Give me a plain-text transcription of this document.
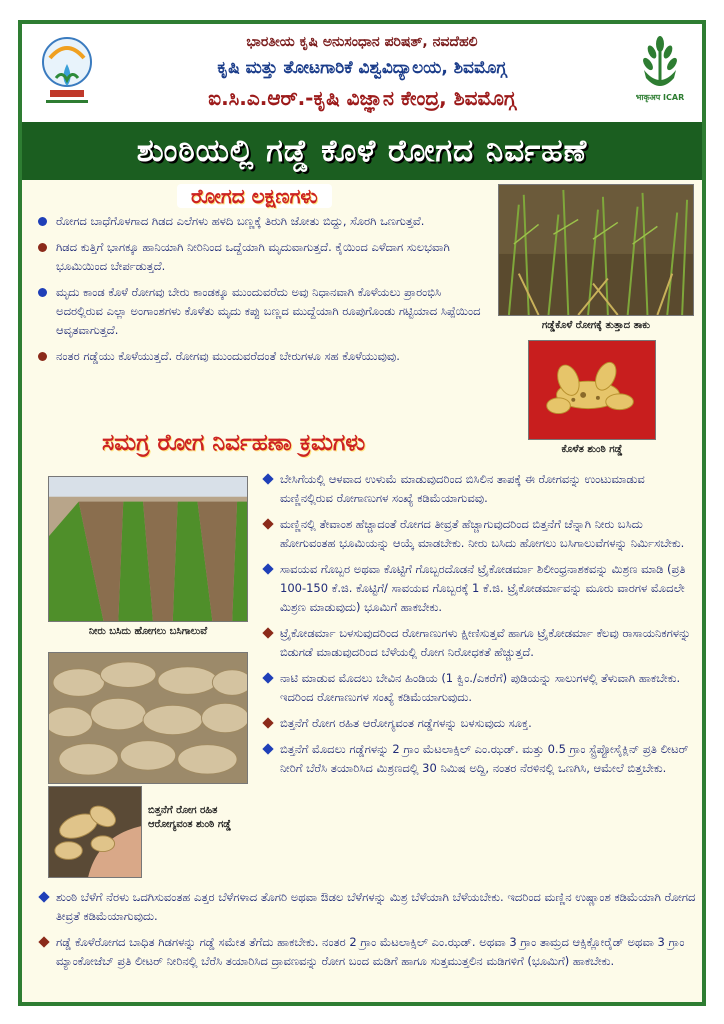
ಭಾರತೀಯ ಕೃಷಿ ಅನುಸಂಧಾನ ಪರಿಷತ್, ನವದೆಹಲಿ
ಕೃಷಿ ಮತ್ತು ತೋಟಗಾರಿಕೆ ವಿಶ್ವವಿದ್ಯಾಲಯ, ಶಿವಮೊಗ್ಗ
ಐ.ಸಿ.ಎ.ಆರ್.-ಕೃಷಿ ವಿಜ್ಞಾನ ಕೇಂದ್ರ, ಶಿವಮೊಗ್ಗ	भाकृअप ICAR
ಶುಂಠಿಯಲ್ಲಿ ಗಡ್ಡೆ ಕೊಳೆ ರೋಗದ ನಿರ್ವಹಣೆ
ರೋಗದ ಲಕ್ಷಣಗಳು
ರೋಗದ ಬಾಧೆಗೊಳಗಾದ ಗಿಡದ ಎಲೆಗಳು ಹಳದಿ ಬಣ್ಣಕ್ಕೆ ತಿರುಗಿ ಜೋತು ಬಿದ್ದು, ಸೊರಗಿ ಒಣಗುತ್ತವೆ.
ಗಿಡದ ಕುತ್ತಿಗೆ ಭಾಗಕ್ಕೂ ಹಾನಿಯಾಗಿ ನೀರಿನಿಂದ ಒದ್ದೆಯಾಗಿ ಮೃದುವಾಗುತ್ತದೆ. ಕೈಯಿಂದ ಎಳೆದಾಗ ಸುಲಭವಾಗಿ ಭೂಮಿಯಿಂದ ಬೇರ್ಪಡುತ್ತದೆ.
ಮೃದು ಕಾಂಡ ಕೊಳೆ ರೋಗವು ಬೇರು ಕಾಂಡಕ್ಕೂ ಮುಂದುವರೆದು ಅವು ನಿಧಾನವಾಗಿ ಕೊಳೆಯಲು ಪ್ರಾರಂಭಿಸಿ ಅದರಲ್ಲಿರುವ ಎಲ್ಲಾ ಅಂಗಾಂಶಗಳು ಕೊಳೆತು ಮೃದು ಕಪ್ಪು ಬಣ್ಣದ ಮುದ್ದೆಯಾಗಿ ರೂಪುಗೊಂಡು ಗಟ್ಟಿಯಾದ ಸಿಪ್ಪೆಯಿಂದ ಆವೃತವಾಗುತ್ತದೆ.
ನಂತರ ಗಡ್ಡೆಯು ಕೊಳೆಯುತ್ತದೆ. ರೋಗವು ಮುಂದುವರೆದಂತೆ ಬೇರುಗಳೂ ಸಹ ಕೊಳೆಯುವುವು.
ಗಡ್ಡೆಕೊಳೆ ರೋಗಕ್ಕೆ ತುತ್ತಾದ ತಾಕು
ಕೊಳೆತ ಶುಂಠಿ ಗಡ್ಡೆ
ಸಮಗ್ರ ರೋಗ ನಿರ್ವಹಣಾ ಕ್ರಮಗಳು
ನೀರು ಬಸಿದು ಹೋಗಲು ಬಸಿಗಾಲುವೆ
ಬಿತ್ತನೆಗೆ ರೋಗ ರಹಿತ ಆರೋಗ್ಯವಂತ ಶುಂಠಿ ಗಡ್ಡೆ
ಬೇಸಿಗೆಯಲ್ಲಿ ಆಳವಾದ ಉಳುಮೆ ಮಾಡುವುದರಿಂದ ಬಿಸಿಲಿನ ತಾಪಕ್ಕೆ ಈ ರೋಗವನ್ನು ಉಂಟುಮಾಡುವ ಮಣ್ಣಿನಲ್ಲಿರುವ ರೋಗಾಣುಗಳ ಸಂಖ್ಯೆ ಕಡಿಮೆಯಾಗುವವು.
ಮಣ್ಣಿನಲ್ಲಿ ತೇವಾಂಶ ಹೆಚ್ಚಾದಂತೆ ರೋಗದ ತೀವ್ರತೆ ಹೆಚ್ಚಾಗುವುದರಿಂದ ಬಿತ್ತನೆಗೆ ಚೆನ್ನಾಗಿ ನೀರು ಬಸಿದು ಹೋಗುವಂತಹ ಭೂಮಿಯನ್ನು ಆಯ್ಕೆ ಮಾಡಬೇಕು. ನೀರು ಬಸಿದು ಹೋಗಲು ಬಸಿಗಾಲುವೆಗಳನ್ನು ನಿರ್ಮಿಸಬೇಕು.
ಸಾವಯವ ಗೊಬ್ಬರ ಅಥವಾ ಕೊಟ್ಟಿಗೆ ಗೊಬ್ಬರದೊಡನೆ ಟ್ರೈಕೋಡರ್ಮಾ ಶಿಲೀಂಧ್ರನಾಶಕವನ್ನು ಮಿಶ್ರಣ ಮಾಡಿ (ಪ್ರತಿ 100-150 ಕೆ.ಜಿ. ಕೊಟ್ಟಿಗೆ/ ಸಾವಯವ ಗೊಬ್ಬರಕ್ಕೆ 1 ಕೆ.ಜಿ. ಟ್ರೈಕೋಡರ್ಮಾವನ್ನು ಮೂರು ವಾರಗಳ ಮೊದಲೇ ಮಿಶ್ರಣ ಮಾಡುವುದು) ಭೂಮಿಗೆ ಹಾಕಬೇಕು.
ಟ್ರೈಕೋಡರ್ಮಾ ಬಳಸುವುದರಿಂದ ರೋಗಾಣುಗಳು ಕ್ಷೀಣಿಸುತ್ತವೆ ಹಾಗೂ ಟ್ರೈಕೋಡರ್ಮಾ ಕೆಲವು ರಾಸಾಯನಿಕಗಳನ್ನು ಬಿಡುಗಡೆ ಮಾಡುವುದರಿಂದ ಬೆಳೆಯಲ್ಲಿ ರೋಗ ನಿರೋಧಕತೆ ಹೆಚ್ಚುತ್ತದೆ.
ನಾಟಿ ಮಾಡುವ ಮೊದಲು ಬೇವಿನ ಹಿಂಡಿಯ (1 ಕ್ವಿಂ./ಎಕರೆಗೆ) ಪುಡಿಯನ್ನು ಸಾಲುಗಳಲ್ಲಿ ತೆಳುವಾಗಿ ಹಾಕಬೇಕು. ಇದರಿಂದ ರೋಗಾಣುಗಳ ಸಂಖ್ಯೆ ಕಡಿಮೆಯಾಗುವುದು.
ಬಿತ್ತನೆಗೆ ರೋಗ ರಹಿತ ಆರೋಗ್ಯವಂತ ಗಡ್ಡೆಗಳನ್ನು ಬಳಸುವುದು ಸೂಕ್ತ.
ಬಿತ್ತನೆಗೆ ಮೊದಲು ಗಡ್ಡೆಗಳನ್ನು 2 ಗ್ರಾಂ ಮೆಟಲಾಕ್ಸಿಲ್ ಎಂ.ಝಡ್. ಮತ್ತು 0.5 ಗ್ರಾಂ ಸ್ಟ್ರೆಪ್ಟೋಸೈಕ್ಲಿನ್ ಪ್ರತಿ ಲೀಟರ್ ನೀರಿಗೆ ಬೆರೆಸಿ ತಯಾರಿಸಿದ ಮಿಶ್ರಣದಲ್ಲಿ 30 ನಿಮಿಷ ಅದ್ದಿ, ನಂತರ ನೆರಳಿನಲ್ಲಿ ಒಣಗಿಸಿ, ಆಮೇಲೆ ಬಿತ್ತಬೇಕು.
ಶುಂಠಿ ಬೆಳೆಗೆ ನೆರಳು ಒದಗಿಸುವಂತಹ ಎತ್ತರ ಬೆಳೆಗಳಾದ ತೊಗರಿ ಅಥವಾ ಔಡಲ ಬೆಳೆಗಳನ್ನು ಮಿಶ್ರ ಬೆಳೆಯಾಗಿ ಬೆಳೆಯಬೇಕು. ಇದರಿಂದ ಮಣ್ಣಿನ ಉಷ್ಣಾಂಶ ಕಡಿಮೆಯಾಗಿ ರೋಗದ ತೀವ್ರತೆ ಕಡಿಮೆಯಾಗುವುದು.
ಗಡ್ಡೆ ಕೊಳೆರೋಗದ ಬಾಧಿತ ಗಿಡಗಳನ್ನು ಗಡ್ಡೆ ಸಮೇತ ತೆಗೆದು ಹಾಕಬೇಕು. ನಂತರ 2 ಗ್ರಾಂ ಮೆಟಲಾಕ್ಸಿಲ್ ಎಂ.ಝಡ್. ಅಥವಾ 3 ಗ್ರಾಂ ತಾಮ್ರದ ಆಕ್ಸಿಕ್ಲೋರೈಡ್ ಅಥವಾ 3 ಗ್ರಾಂ ಮ್ಯಾಂಕೋಜೆಬ್ ಪ್ರತಿ ಲೀಟರ್ ನೀರಿನಲ್ಲಿ ಬೆರೆಸಿ ತಯಾರಿಸಿದ ದ್ರಾವಣವನ್ನು ರೋಗ ಬಂದ ಮಡಿಗೆ ಹಾಗೂ ಸುತ್ತಮುತ್ತಲಿನ ಮಡಿಗಳಿಗೆ (ಭೂಮಿಗೆ) ಹಾಕಬೇಕು.
